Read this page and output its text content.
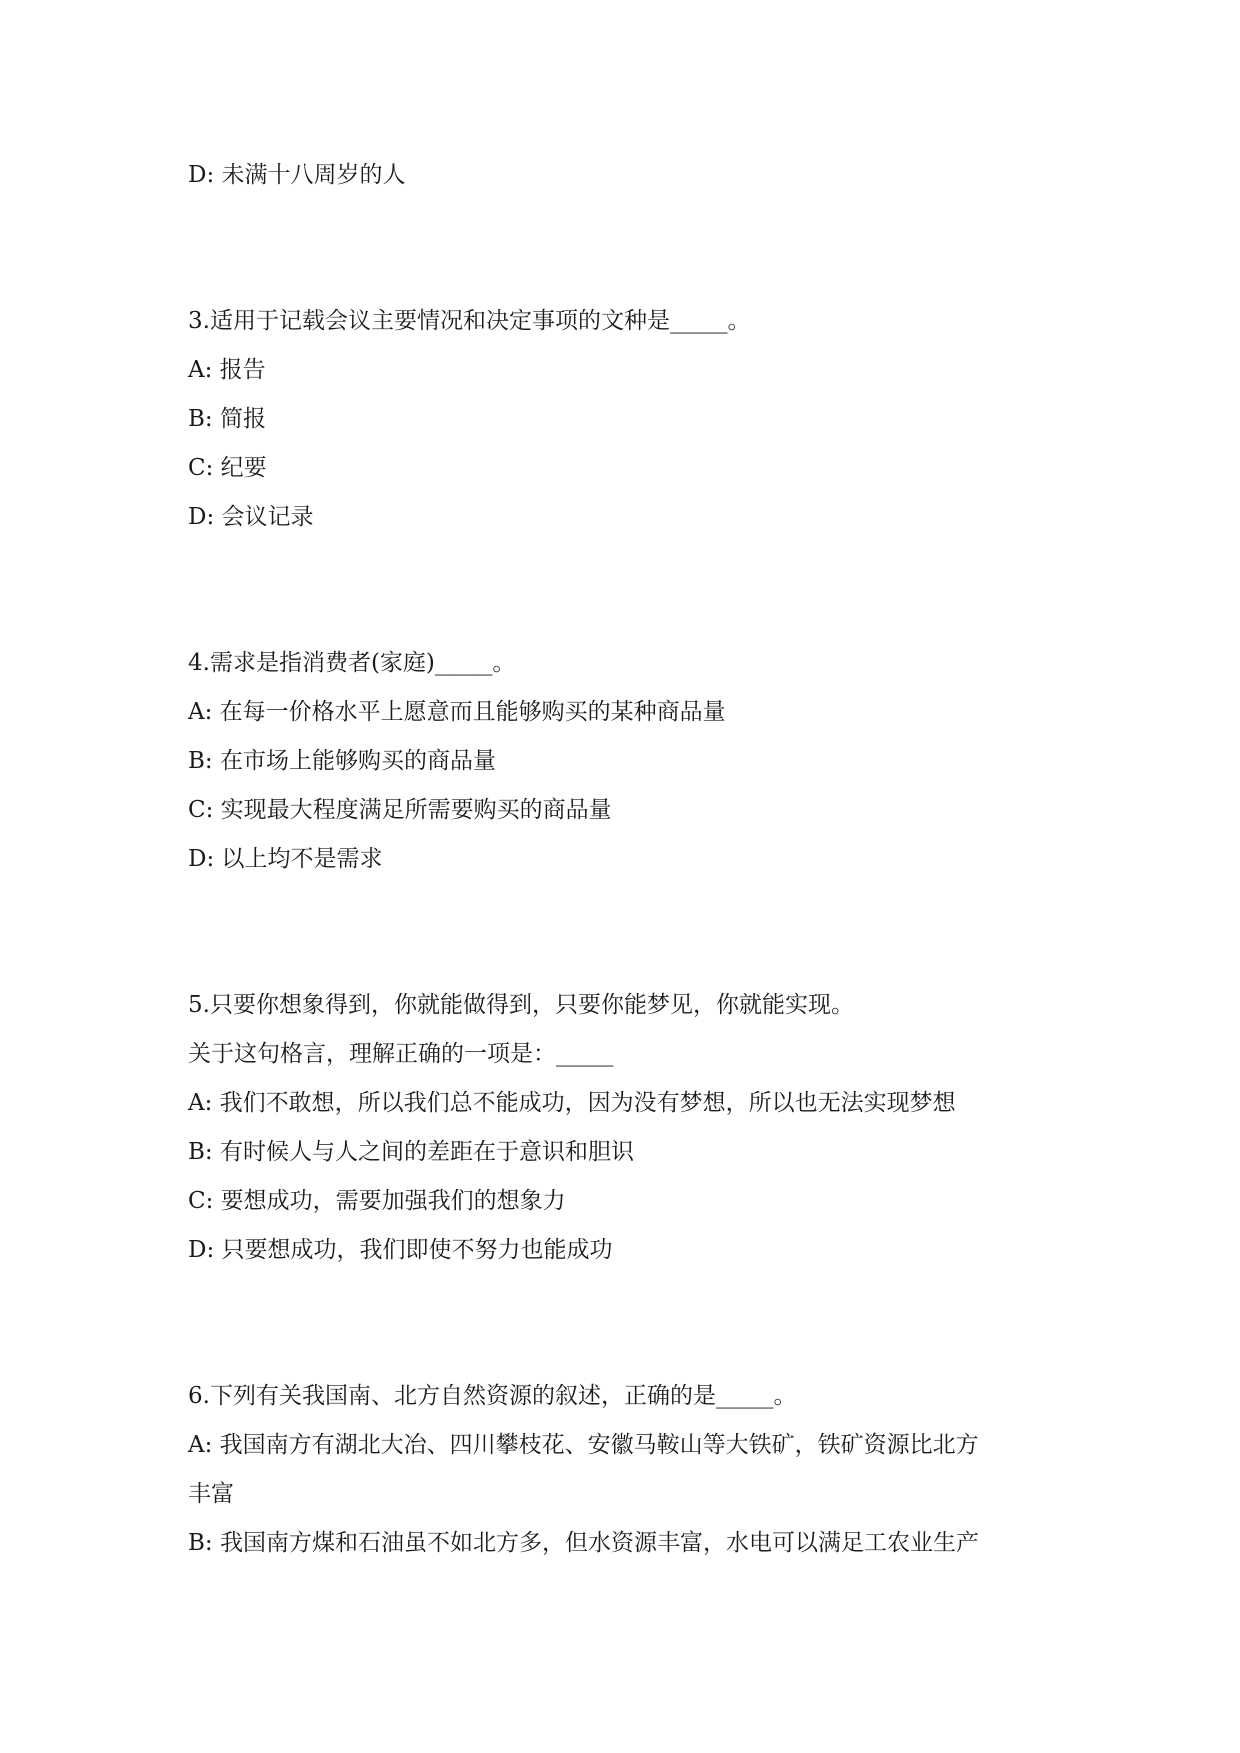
D: 未满十八周岁的人
3.适用于记载会议主要情况和决定事项的文种是_____。
A: 报告
B: 简报
C: 纪要
D: 会议记录
4.需求是指消费者(家庭)_____。
A: 在每一价格水平上愿意而且能够购买的某种商品量
B: 在市场上能够购买的商品量
C: 实现最大程度满足所需要购买的商品量
D: 以上均不是需求
5.只要你想象得到，你就能做得到，只要你能梦见，你就能实现。
关于这句格言，理解正确的一项是：_____
A: 我们不敢想，所以我们总不能成功，因为没有梦想，所以也无法实现梦想
B: 有时候人与人之间的差距在于意识和胆识
C: 要想成功，需要加强我们的想象力
D: 只要想成功，我们即使不努力也能成功
6.下列有关我国南、北方自然资源的叙述，正确的是_____。
A: 我国南方有湖北大冶、四川攀枝花、安徽马鞍山等大铁矿，铁矿资源比北方
丰富
B: 我国南方煤和石油虽不如北方多，但水资源丰富，水电可以满足工农业生产
